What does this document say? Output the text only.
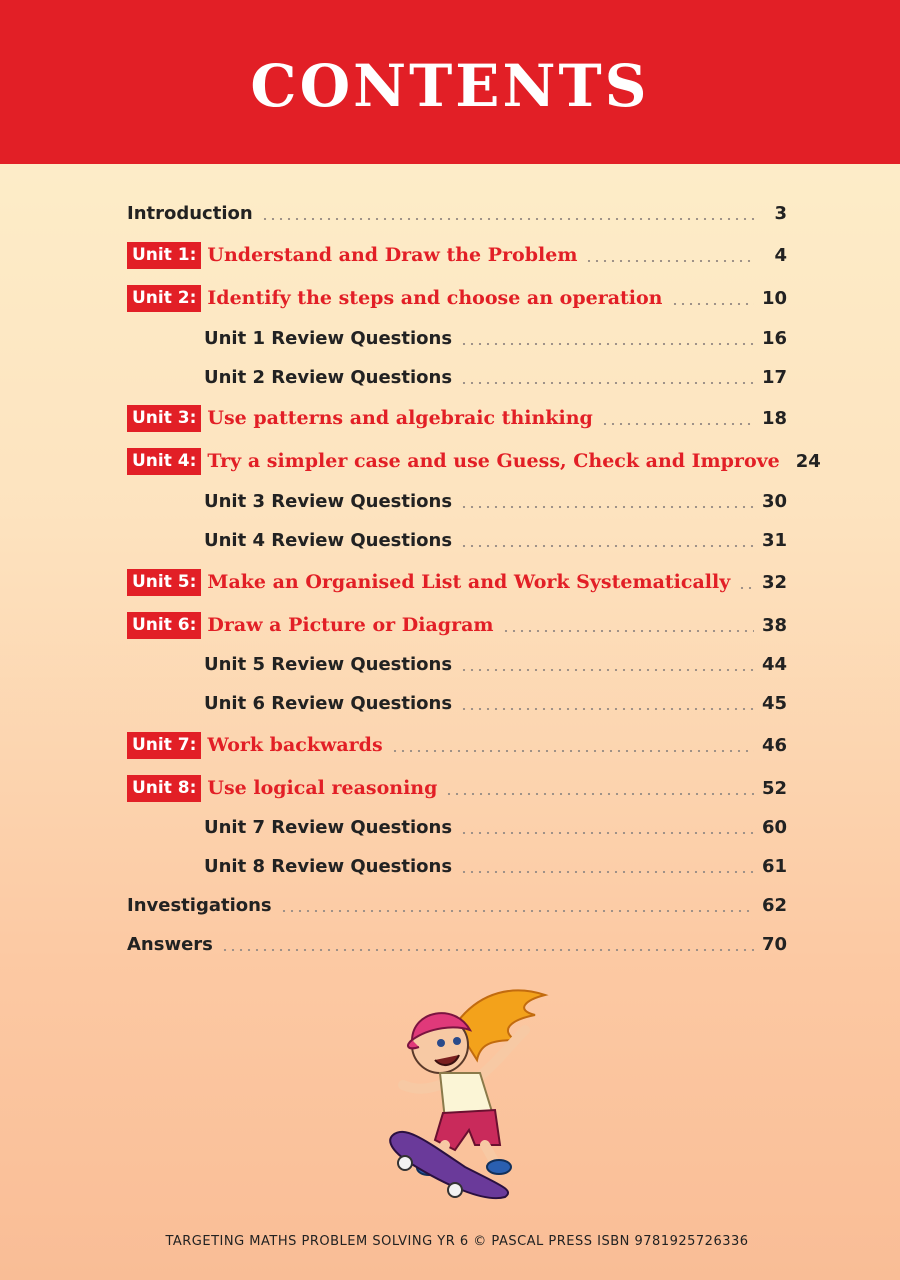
CONTENTS
Introduction	3
Unit 1: Understand and Draw the Problem	4
Unit 2: Identify the steps and choose an operation	10
Unit 1 Review Questions	16
Unit 2 Review Questions	17
Unit 3: Use patterns and algebraic thinking	18
Unit 4: Try a simpler case and use Guess, Check and Improve 24
Unit 3 Review Questions	30
Unit 4 Review Questions	31
Unit 5: Make an Organised List and Work Systematically 32
Unit 6: Draw a Picture or Diagram	38
Unit 5 Review Questions	44
Unit 6 Review Questions	45
Unit 7: Work backwards	46
Unit 8: Use logical reasoning	52
Unit 7 Review Questions	60
Unit 8 Review Questions	61
Investigations	62
Answers	70
TARGETING MATHS PROBLEM SOLVING YR 6 © PASCAL PRESS ISBN 9781925726336
